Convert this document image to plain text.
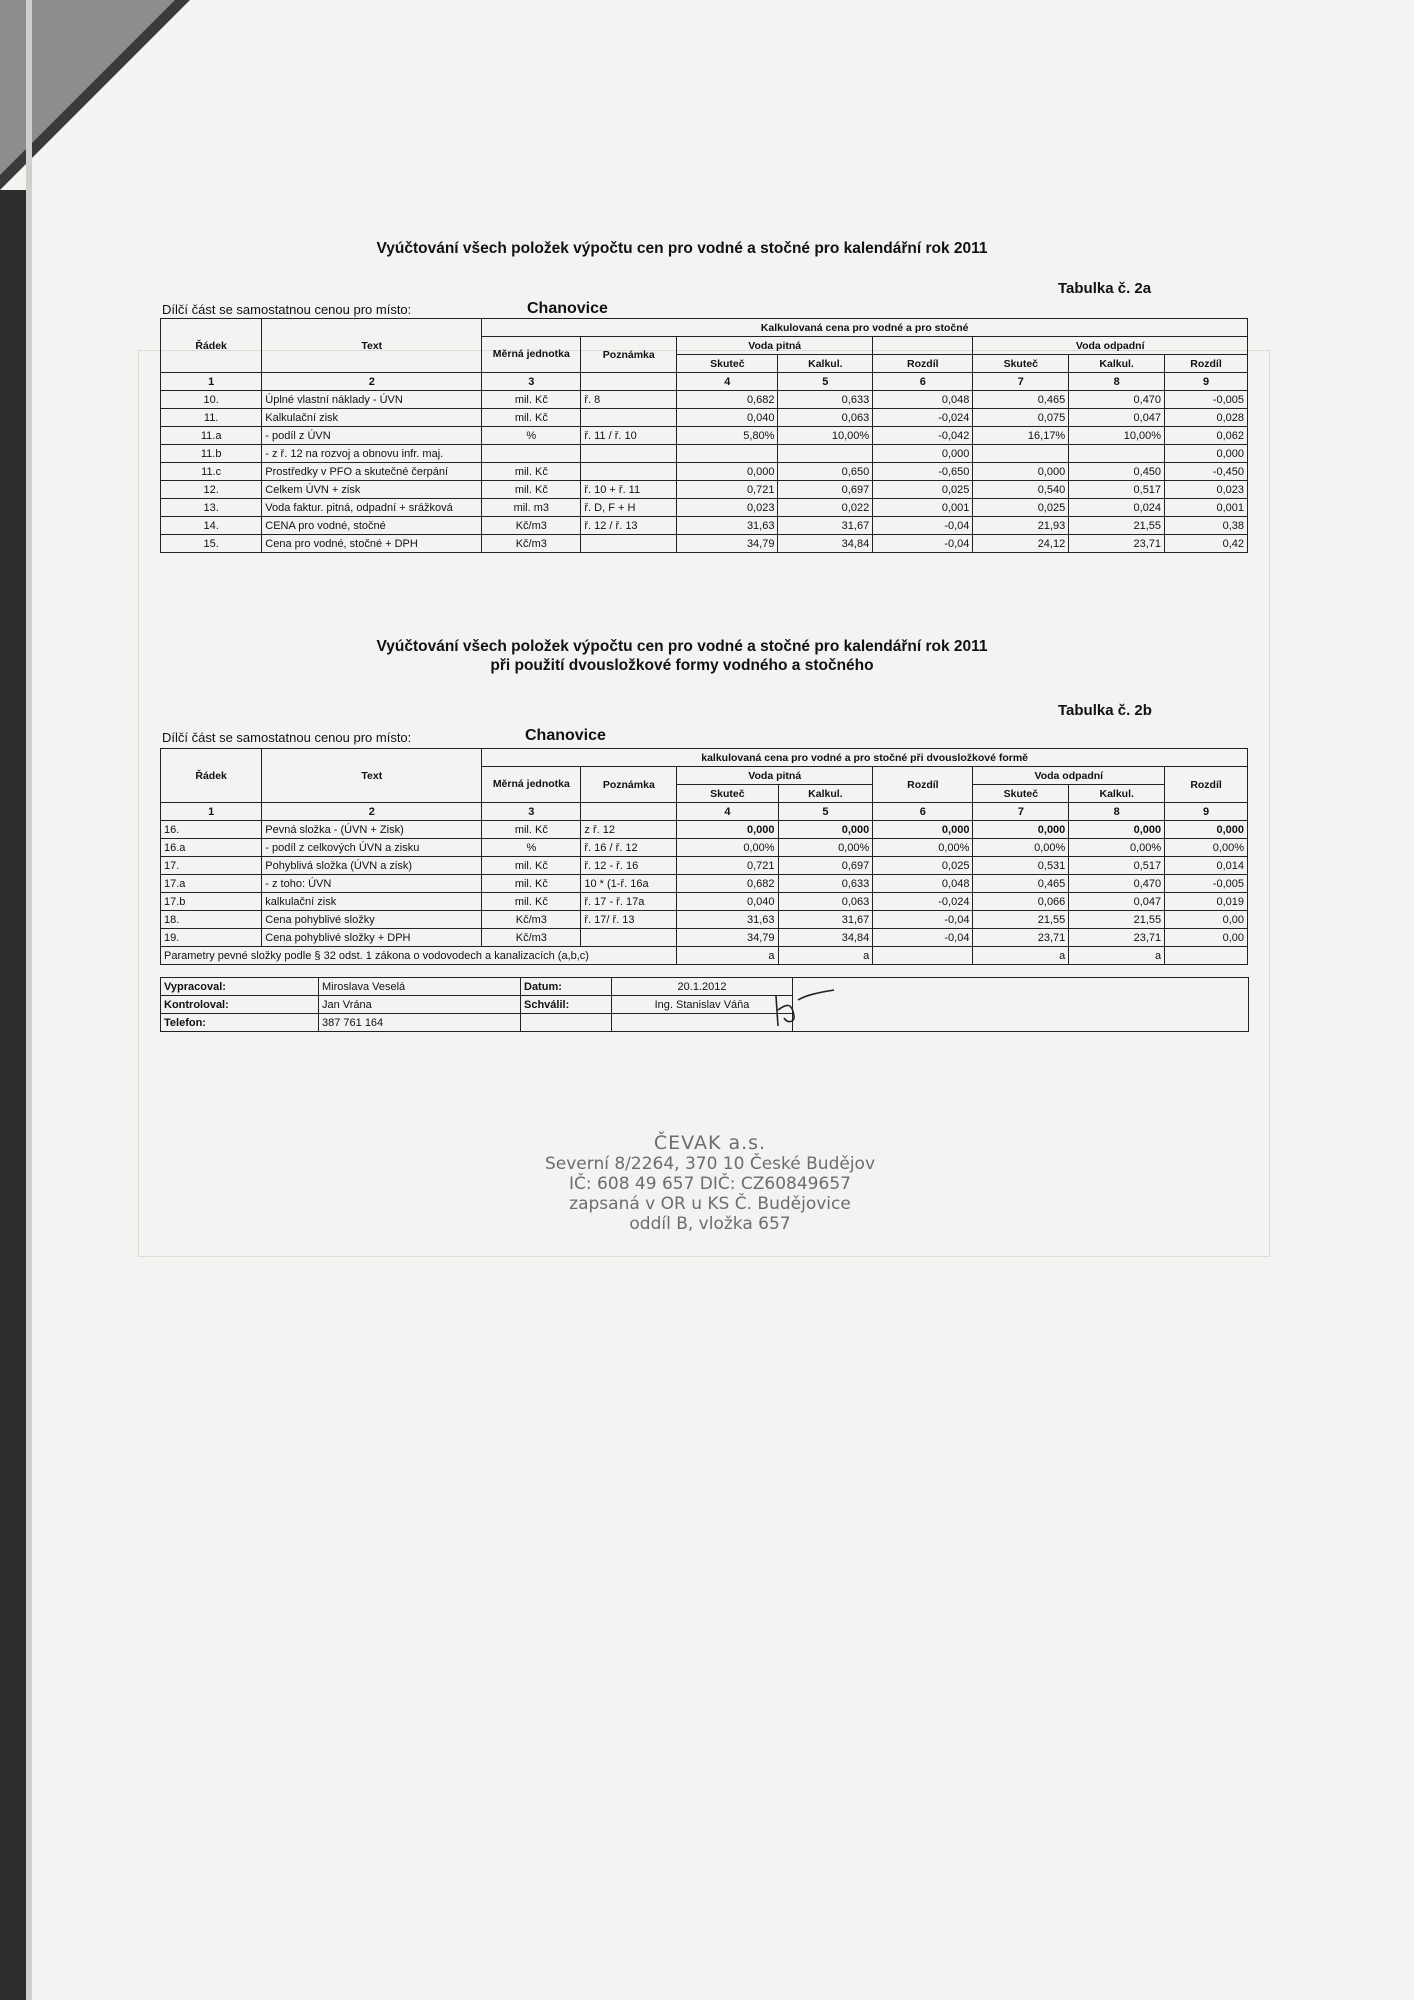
Vyúčtování všech položek výpočtu cen pro vodné a stočné pro kalendářní rok 2011
Tabulka č. 2a
Dílčí část se samostatnou cenou pro místo:	Chanovice
Řádek	Text	Kalkulovaná cena pro vodné a pro stočné							
		Měrná jednotka	Poznámka	Voda pitná			Voda odpadní		
				Skuteč	Kalkul.	Rozdíl	Skuteč	Kalkul.	Rozdíl
1	2	3		4	5	6	7	8	9
10.	Úplné vlastní náklady - ÚVN	mil. Kč	ř. 8	0,682	0,633	0,048	0,465	0,470	-0,005
11.	Kalkulační zisk	mil. Kč		0,040	0,063	-0,024	0,075	0,047	0,028
11.a	- podíl z ÚVN	%	ř. 11 / ř. 10	5,80%	10,00%	-0,042	16,17%	10,00%	0,062
11.b	- z ř. 12 na rozvoj a obnovu infr. maj.					0,000			0,000
11.c	Prostředky v PFO a skutečné čerpání	mil. Kč		0,000	0,650	-0,650	0,000	0,450	-0,450
12.	Celkem ÚVN + zisk	mil. Kč	ř. 10 + ř. 11	0,721	0,697	0,025	0,540	0,517	0,023
13.	Voda faktur. pitná, odpadní + srážková	mil. m3	ř. D, F + H	0,023	0,022	0,001	0,025	0,024	0,001
14.	CENA pro vodné, stočné	Kč/m3	ř. 12 / ř. 13	31,63	31,67	-0,04	21,93	21,55	0,38
15.	Cena pro vodné, stočné + DPH	Kč/m3		34,79	34,84	-0,04	24,12	23,71	0,42
Vyúčtování všech položek výpočtu cen pro vodné a stočné pro kalendářní rok 2011
při použití dvousložkové formy vodného a stočného
Tabulka č. 2b
Dílčí část se samostatnou cenou pro místo:	Chanovice
Řádek	Text	kalkulovaná cena pro vodné a pro stočné při dvousložkové formě							
		Měrná jednotka	Poznámka	Voda pitná		Rozdíl	Voda odpadní		Rozdíl
				Skuteč	Kalkul.		Skuteč	Kalkul.	
1	2	3		4	5	6	7	8	9
16.	Pevná složka - (ÚVN + Zisk)	mil. Kč	z ř. 12	0,000	0,000	0,000	0,000	0,000	0,000
16.a	- podíl z celkových ÚVN a zisku	%	ř. 16 / ř. 12	0,00%	0,00%	0,00%	0,00%	0,00%	0,00%
17.	Pohyblivá složka (ÚVN a zisk)	mil. Kč	ř. 12 - ř. 16	0,721	0,697	0,025	0,531	0,517	0,014
17.a	- z toho: ÚVN	mil. Kč	10 * (1-ř. 16a	0,682	0,633	0,048	0,465	0,470	-0,005
17.b	kalkulační zisk	mil. Kč	ř. 17 - ř. 17a	0,040	0,063	-0,024	0,066	0,047	0,019
18.	Cena pohyblivé složky	Kč/m3	ř. 17/ ř. 13	31,63	31,67	-0,04	21,55	21,55	0,00
19.	Cena pohyblivé složky + DPH	Kč/m3		34,79	34,84	-0,04	23,71	23,71	0,00
Parametry pevné složky podle § 32 odst. 1 zákona o vodovodech a kanalizacích (a,b,c)				a	a		a	a	
Vypracoval:	Miroslava Veselá	Datum:	20.1.2012	
Kontroloval:	Jan Vrána	Schválil:	Ing. Stanislav Váňa	
Telefon:	387 761 164			
ČEVAK a.s.
Severní 8/2264, 370 10 České Budějov
IČ: 608 49 657 DIČ: CZ60849657
zapsaná v OR u KS Č. Budějovice
oddíl B, vložka 657
